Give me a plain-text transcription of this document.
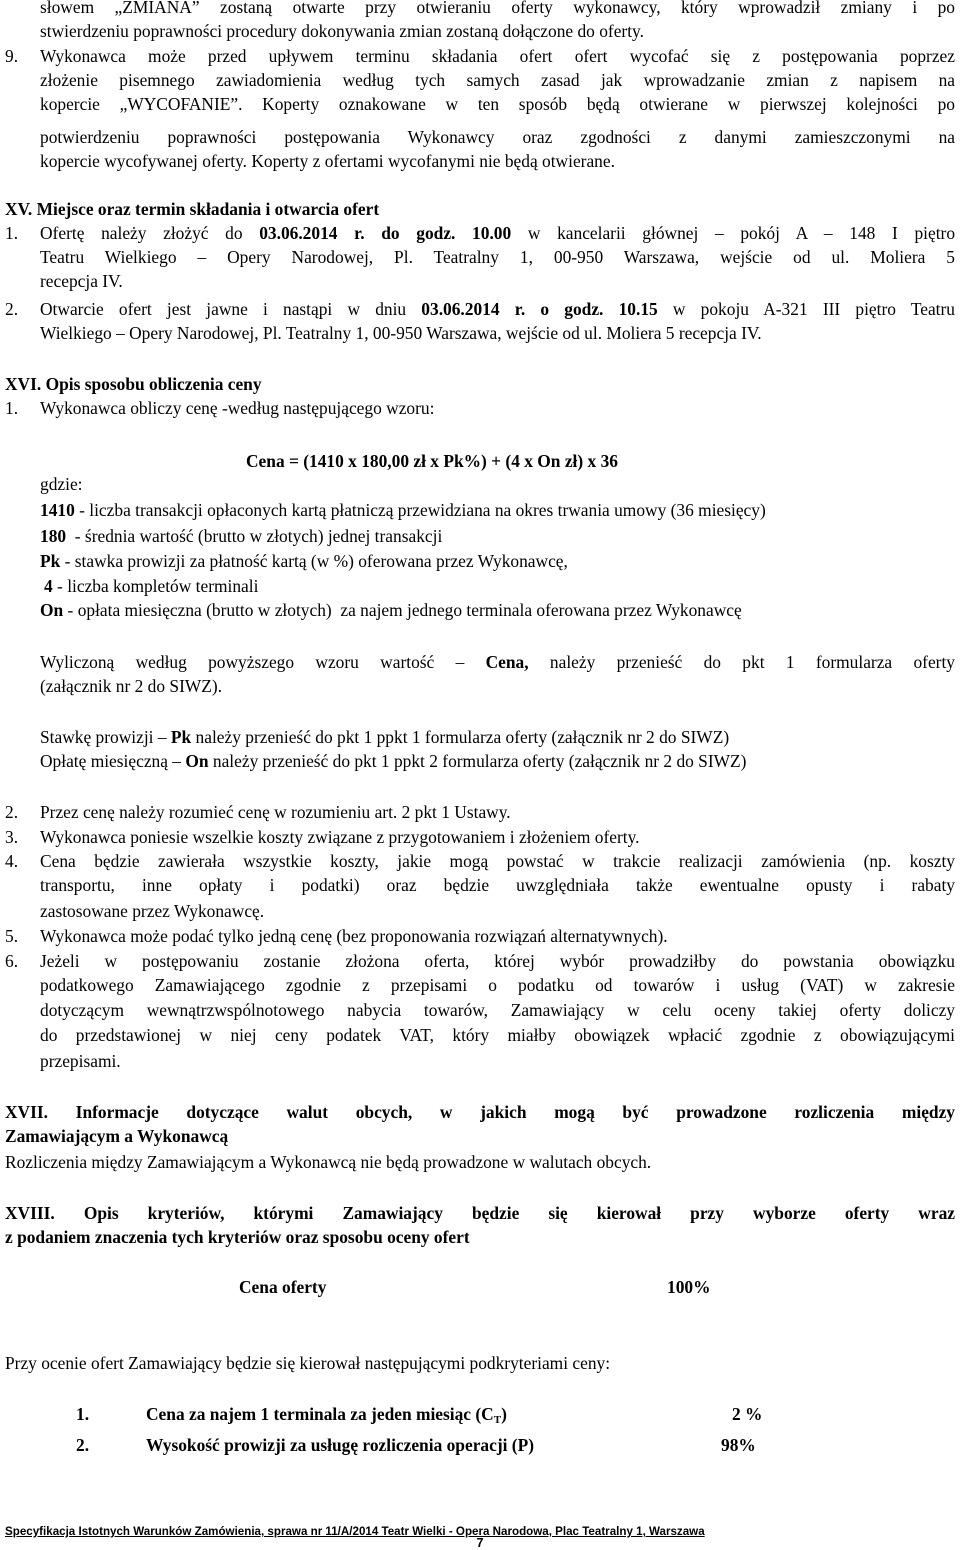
słowem „ZMIANA” zostaną otwarte przy otwieraniu oferty wykonawcy, który wprowadził zmiany i po
stwierdzeniu poprawności procedury dokonywania zmian zostaną dołączone do oferty.
9. Wykonawca może przed upływem terminu składania ofert ofert wycofać się z postępowania poprzez
złożenie pisemnego zawiadomienia według tych samych zasad jak wprowadzanie zmian z napisem na
kopercie „WYCOFANIE”. Koperty oznakowane w ten sposób będą otwierane w pierwszej kolejności po
potwierdzeniu poprawności postępowania Wykonawcy oraz zgodności z danymi zamieszczonymi na
kopercie wycofywanej oferty. Koperty z ofertami wycofanymi nie będą otwierane.
XV. Miejsce oraz termin składania i otwarcia ofert
1. Ofertę należy złożyć do 03.06.2014 r. do godz. 10.00 w kancelarii głównej – pokój A – 148 I piętro
Teatru Wielkiego – Opery Narodowej, Pl. Teatralny 1, 00-950 Warszawa, wejście od ul. Moliera 5
recepcja IV.
2. Otwarcie ofert jest jawne i nastąpi w dniu 03.06.2014 r. o godz. 10.15 w pokoju A-321 III piętro Teatru
Wielkiego – Opery Narodowej, Pl. Teatralny 1, 00-950 Warszawa, wejście od ul. Moliera 5 recepcja IV.
XVI. Opis sposobu obliczenia ceny
1. Wykonawca obliczy cenę -według następującego wzoru:
Cena = (1410 x 180,00 zł x Pk%) + (4 x On zł) x 36
gdzie:
1410 - liczba transakcji opłaconych kartą płatniczą przewidziana na okres trwania umowy (36 miesięcy)
180  - średnia wartość (brutto w złotych) jednej transakcji
Pk - stawka prowizji za płatność kartą (w %) oferowana przez Wykonawcę,
4 - liczba kompletów terminali
On - opłata miesięczna (brutto w złotych)  za najem jednego terminala oferowana przez Wykonawcę
Wyliczoną według powyższego wzoru wartość – Cena, należy przenieść do pkt 1 formularza oferty
(załącznik nr 2 do SIWZ).
Stawkę prowizji – Pk należy przenieść do pkt 1 ppkt 1 formularza oferty (załącznik nr 2 do SIWZ)
Opłatę miesięczną – On należy przenieść do pkt 1 ppkt 2 formularza oferty (załącznik nr 2 do SIWZ)
2. Przez cenę należy rozumieć cenę w rozumieniu art. 2 pkt 1 Ustawy.
3. Wykonawca poniesie wszelkie koszty związane z przygotowaniem i złożeniem oferty.
4. Cena będzie zawierała wszystkie koszty, jakie mogą powstać w trakcie realizacji zamówienia (np. koszty
transportu, inne opłaty i podatki) oraz będzie uwzględniała także ewentualne opusty i rabaty
zastosowane przez Wykonawcę.
5. Wykonawca może podać tylko jedną cenę (bez proponowania rozwiązań alternatywnych).
6. Jeżeli w postępowaniu zostanie złożona oferta, której wybór prowadziłby do powstania obowiązku
podatkowego Zamawiającego zgodnie z przepisami o podatku od towarów i usług (VAT) w zakresie
dotyczącym wewnątrzwspólnotowego nabycia towarów, Zamawiający w celu oceny takiej oferty doliczy
do przedstawionej w niej ceny podatek VAT, który miałby obowiązek wpłacić zgodnie z obowiązującymi
przepisami.
XVII. Informacje dotyczące walut obcych, w jakich mogą być prowadzone rozliczenia między
Zamawiającym a Wykonawcą
Rozliczenia między Zamawiającym a Wykonawcą nie będą prowadzone w walutach obcych.
XVIII. Opis kryteriów, którymi Zamawiający będzie się kierował przy wyborze oferty wraz
z podaniem znaczenia tych kryteriów oraz sposobu oceny ofert
Cena oferty	100%
Przy ocenie ofert Zamawiający będzie się kierował następującymi podkryteriami ceny:
1.	Cena za najem 1 terminala za jeden miesiąc $(C_T)$	2 %
2.	Wysokość prowizji za usługę rozliczenia operacji (P)	98%
Specyfikacja Istotnych Warunków Zamówienia, sprawa nr 11/A/2014 Teatr Wielki - Opera Narodowa, Plac Teatralny 1, Warszawa
7
